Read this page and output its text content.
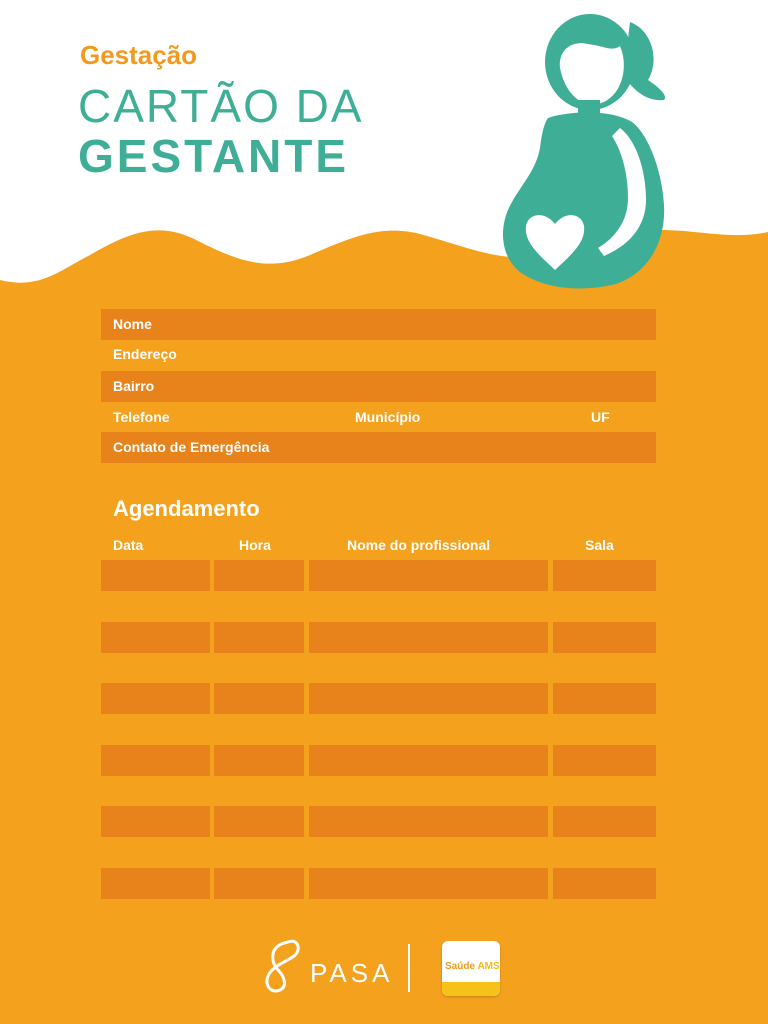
Gestação
CARTÃO DA
GESTANTE
Nome
Endereço
Bairro
Telefone	Município	UF
Contato de Emergência
Agendamento
Data	Hora	Nome do profissional	Sala
PASA	Saúde AMS
